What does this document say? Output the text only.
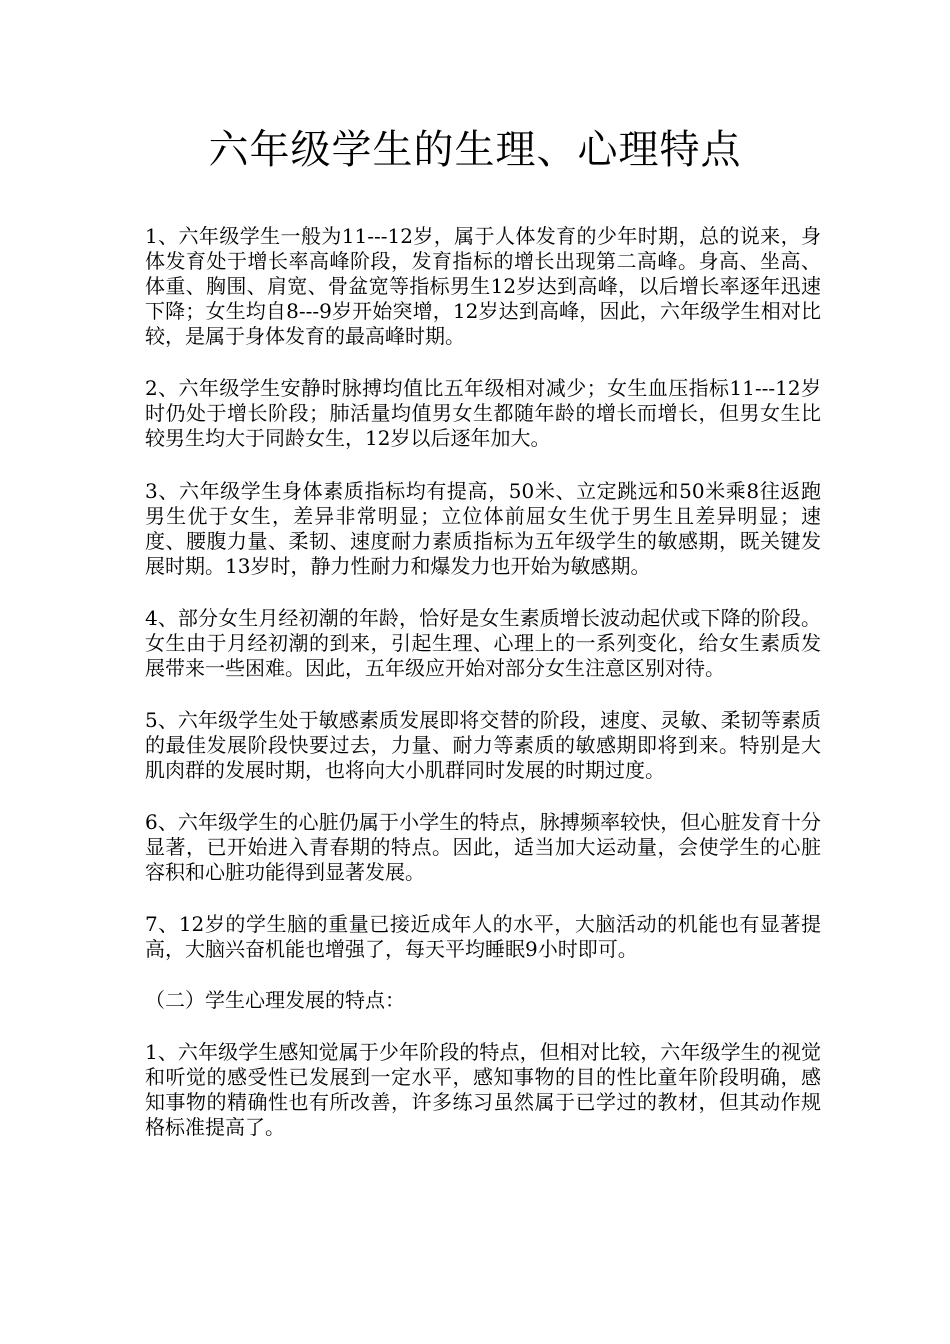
六年级学生的生理、心理特点

1、六年级学生一般为11---12岁，属于人体发育的少年时期，总的说来，身体发育处于增长率高峰阶段，发育指标的增长出现第二高峰。身高、坐高、体重、胸围、肩宽、骨盆宽等指标男生12岁达到高峰，以后增长率逐年迅速下降；女生均自8---9岁开始突增，12岁达到高峰，因此，六年级学生相对比较，是属于身体发育的最高峰时期。

2、六年级学生安静时脉搏均值比五年级相对减少；女生血压指标11---12岁时仍处于增长阶段；肺活量均值男女生都随年龄的增长而增长，但男女生比较男生均大于同龄女生，12岁以后逐年加大。

3、六年级学生身体素质指标均有提高，50米、立定跳远和50米乘8往返跑男生优于女生，差异非常明显；立位体前屈女生优于男生且差异明显；速度、腰腹力量、柔韧、速度耐力素质指标为五年级学生的敏感期，既关键发展时期。13岁时，静力性耐力和爆发力也开始为敏感期。

4、部分女生月经初潮的年龄，恰好是女生素质增长波动起伏或下降的阶段。女生由于月经初潮的到来，引起生理、心理上的一系列变化，给女生素质发展带来一些困难。因此，五年级应开始对部分女生注意区别对待。

5、六年级学生处于敏感素质发展即将交替的阶段，速度、灵敏、柔韧等素质的最佳发展阶段快要过去，力量、耐力等素质的敏感期即将到来。特别是大肌肉群的发展时期，也将向大小肌群同时发展的时期过度。

6、六年级学生的心脏仍属于小学生的特点，脉搏频率较快，但心脏发育十分显著，已开始进入青春期的特点。因此，适当加大运动量，会使学生的心脏容积和心脏功能得到显著发展。

7、12岁的学生脑的重量已接近成年人的水平，大脑活动的机能也有显著提高，大脑兴奋机能也增强了，每天平均睡眠9小时即可。

（二）学生心理发展的特点：

1、六年级学生感知觉属于少年阶段的特点，但相对比较，六年级学生的视觉和听觉的感受性已发展到一定水平，感知事物的目的性比童年阶段明确，感知事物的精确性也有所改善，许多练习虽然属于已学过的教材，但其动作规格标准提高了。
